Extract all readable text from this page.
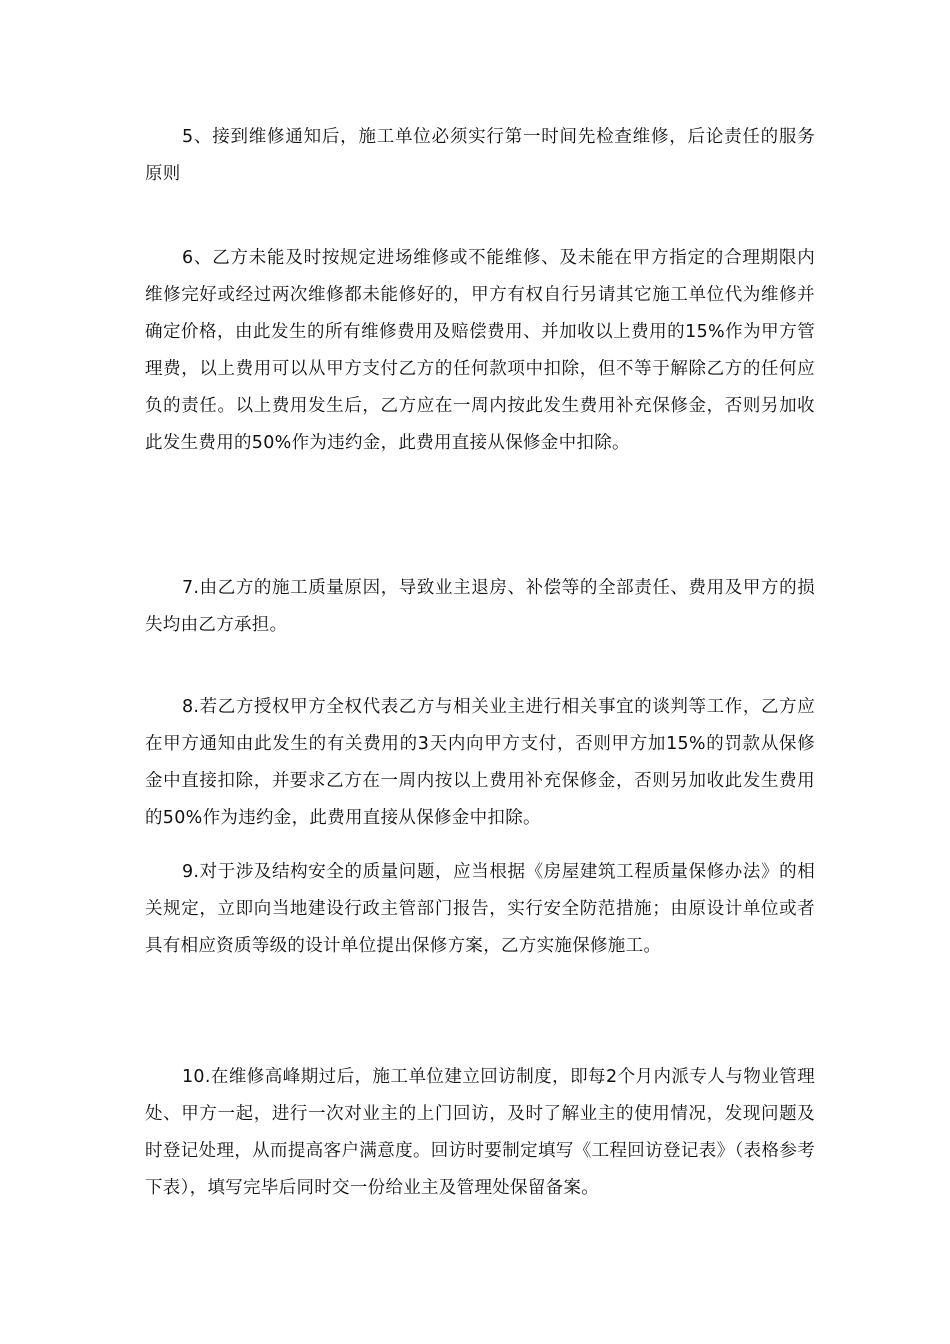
5、接到维修通知后，施工单位必须实行第一时间先检查维修，后论责任的服务原则

6、乙方未能及时按规定进场维修或不能维修、及未能在甲方指定的合理期限内维修完好或经过两次维修都未能修好的，甲方有权自行另请其它施工单位代为维修并确定价格，由此发生的所有维修费用及赔偿费用、并加收以上费用的15%作为甲方管理费，以上费用可以从甲方支付乙方的任何款项中扣除，但不等于解除乙方的任何应负的责任。以上费用发生后，乙方应在一周内按此发生费用补充保修金，否则另加收此发生费用的50%作为违约金，此费用直接从保修金中扣除。

7.由乙方的施工质量原因，导致业主退房、补偿等的全部责任、费用及甲方的损失均由乙方承担。

8.若乙方授权甲方全权代表乙方与相关业主进行相关事宜的谈判等工作，乙方应在甲方通知由此发生的有关费用的3天内向甲方支付，否则甲方加15%的罚款从保修金中直接扣除，并要求乙方在一周内按以上费用补充保修金，否则另加收此发生费用的50%作为违约金，此费用直接从保修金中扣除。

9.对于涉及结构安全的质量问题，应当根据《房屋建筑工程质量保修办法》的相关规定，立即向当地建设行政主管部门报告，实行安全防范措施；由原设计单位或者具有相应资质等级的设计单位提出保修方案，乙方实施保修施工。

10.在维修高峰期过后，施工单位建立回访制度，即每2个月内派专人与物业管理处、甲方一起，进行一次对业主的上门回访，及时了解业主的使用情况，发现问题及时登记处理，从而提高客户满意度。回访时要制定填写《工程回访登记表》（表格参考下表），填写完毕后同时交一份给业主及管理处保留备案。
